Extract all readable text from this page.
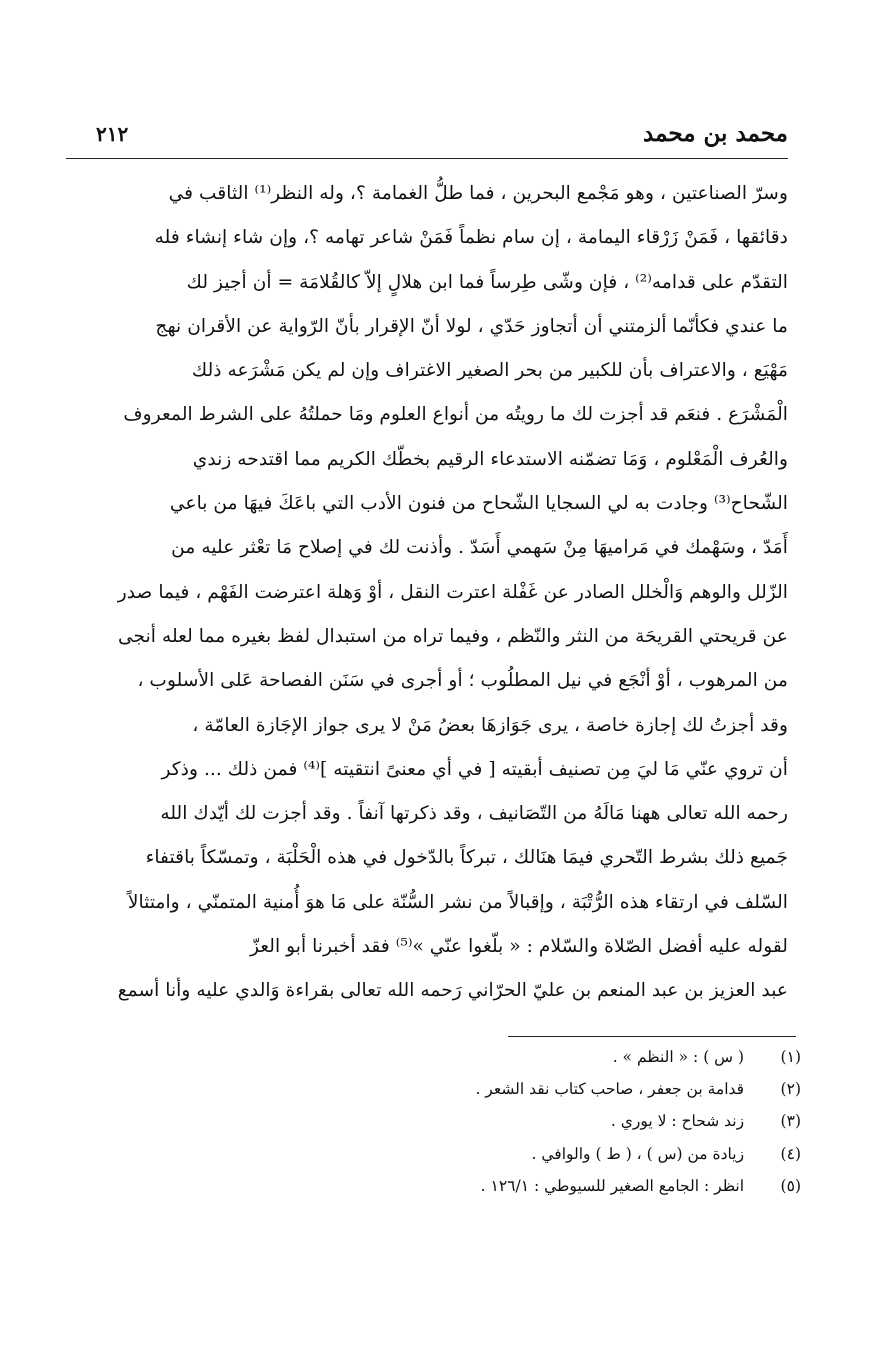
محمد بن محمد
٢١٢
وسرّ الصناعتين ، وهو مَجْمع البحرين ، فما طلُّ الغمامة ؟، وله النظر⁽¹⁾ الثاقب في
دقائقها ، فَمَنْ زَرْقاء اليمامة ، إن سام نظماً فَمَنْ شاعر تهامه ؟، وإن شاء إنشاء فله
التقدّم على قدامه⁽²⁾ ، فإن وشّى طِرساً فما ابن هلالٍ إلاّ كالقُلامَة = أن أجيز لك
ما عندي فكأنّما ألزمتني أن أتجاوز حَدّي ، لولا أنّ الإقرار بأنّ الرّواية عن الأقران نهج
مَهْيَع ، والاعتراف بأن للكبير من بحر الصغير الاغتراف وإن لم يكن مَشْرَعه ذلك
الْمَشْرَع . فنعَم قد أجزت لك ما رويتُه من أنواع العلوم ومَا حملتُهُ على الشرط المعروف
والعُرف الْمَعْلوم ، وَمَا تضمّنه الاستدعاء الرقيم بخطّك الكريم مما اقتدحه زندي
الشّحاح⁽³⁾ وجادت به لي السجايا الشّحاح من فنون الأدب التي باعَكَ فيهَا من باعي
أَمَدّ ، وسَهْمك في مَراميهَا مِنْ سَهمي أَسَدّ . وأذنت لك في إصلاح مَا تعْثر عليه من
الزّلل والوهم وَالْخلل الصادر عن غَفْلة اعترت النقل ، أوْ وَهلة اعترضت الفَهْم ، فيما صدر
عن قريحتي القريحَة من النثر والنّظم ، وفيما تراه من استبدال لفظ بغيره مما لعله أنجى
من المرهوب ، أوْ أنْجَع في نيل المطلُوب ؛ أو أجرى في سَنَن الفصاحة عَلى الأسلوب ،
وقد أجزتُ لك إجازة خاصة ، يرى جَوَازهَا بعضُ مَنْ لا يرى جواز الإجَازة العامّة ،
أن تروي عنّي مَا ليَ مِن تصنيف أبقيته [ في أي معنىً انتقيته ]⁽⁴⁾ فمن ذلك ... وذكر
رحمه الله تعالى ههنا مَالَهُ من التّصَانيف ، وقد ذكرتها آنفاً . وقد أجزت لك أيّدك الله
جَميع ذلك بشرط التّحري فيمَا هنَالك ، تبركاً بالدّخول في هذه الْحَلْبَة ، وتمسّكاً باقتفاء
السّلف في ارتقاء هذه الرُّتْبَة ، وإقبالاً من نشر السُّنّة على مَا هوَ أُمنية المتمنّي ، وامتثالاً
لقوله عليه أفضل الصّلاة والسّلام : « بلّغوا عنّي »⁽⁵⁾ فقد أخبرنا أبو العزّ
عبد العزيز بن عبد المنعم بن عليّ الحرّاني رَحمه الله تعالى بقراءة وَالدي عليه وأنا أسمع
(١) ( س ) : « النظم » .
(٢) قدامة بن جعفر ، صاحب كتاب نقد الشعر .
(٣) زند شحاح : لا يوري .
(٤) زيادة من (س ) ، ( ط ) والوافي .
(٥) انظر : الجامع الصغير للسيوطي : ١٢٦/١ .
